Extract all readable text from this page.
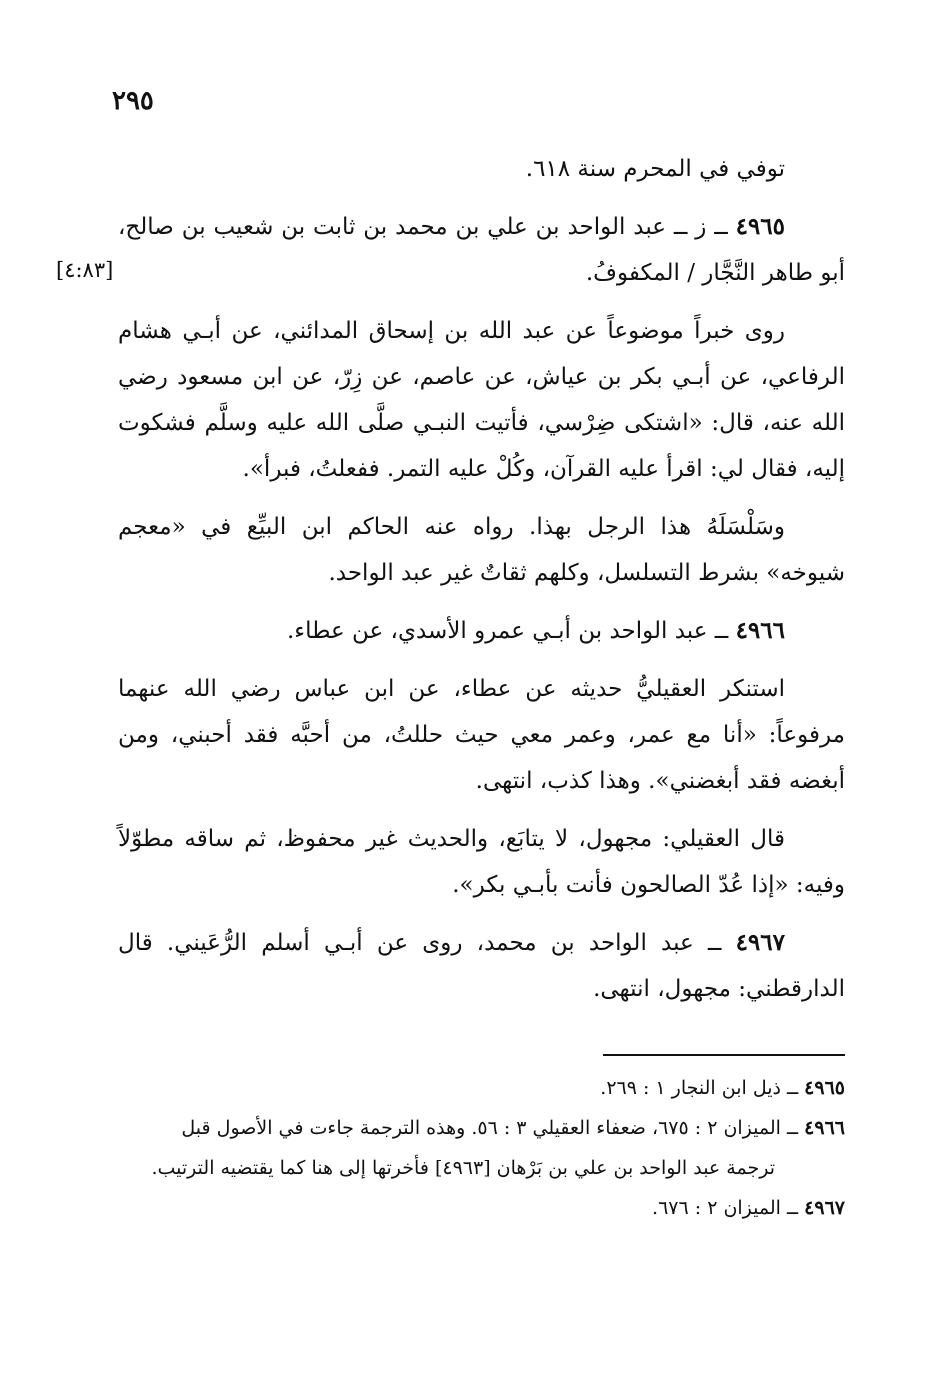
٢٩٥
[٤:٨٣]

توفي في المحرم سنة ٦١٨.

٤٩٦٥ ــ ز ــ عبد الواحد بن علي بن محمد بن ثابت بن شعيب بن صالح، أبو طاهر النَّجَّار / المكفوفُ.

روى خبراً موضوعاً عن عبد الله بن إسحاق المدائني، عن أبـي هشام الرفاعي، عن أبـي بكر بن عياش، عن عاصم، عن زِرّ، عن ابن مسعود رضي الله عنه، قال: «اشتكى ضِرْسي، فأتيت النبـي صلَّى الله عليه وسلَّم فشكوت إليه، فقال لي: اقرأ عليه القرآن، وكُلْ عليه التمر. ففعلتُ، فبرأ».

وسَلْسَلَهُ هذا الرجل بهذا. رواه عنه الحاكم ابن البيِّع في «معجم شيوخه» بشرط التسلسل، وكلهم ثقاتٌ غير عبد الواحد.

٤٩٦٦ ــ عبد الواحد بن أبـي عمرو الأسدي، عن عطاء.

استنكر العقيليُّ حديثه عن عطاء، عن ابن عباس رضي الله عنهما مرفوعاً: «أنا مع عمر، وعمر معي حيث حللتُ، من أحبَّه فقد أحبني، ومن أبغضه فقد أبغضني». وهذا كذب، انتهى.

قال العقيلي: مجهول، لا يتابَع، والحديث غير محفوظ، ثم ساقه مطوّلاً وفيه: «إذا عُدّ الصالحون فأنت بأبـي بكر».

٤٩٦٧ ــ عبد الواحد بن محمد، روى عن أبـي أسلم الرُّعَيني. قال الدارقطني: مجهول، انتهى.

٤٩٦٥ ــ ذيل ابن النجار ١ : ٢٦٩.

٤٩٦٦ ــ الميزان ٢ : ٦٧٥، ضعفاء العقيلي ٣ : ٥٦. وهذه الترجمة جاءت في الأصول قبل

ترجمة عبد الواحد بن علي بن بَرْهان [٤٩٦٣] فأخرتها إلى هنا كما يقتضيه الترتيب.

٤٩٦٧ ــ الميزان ٢ : ٦٧٦.
